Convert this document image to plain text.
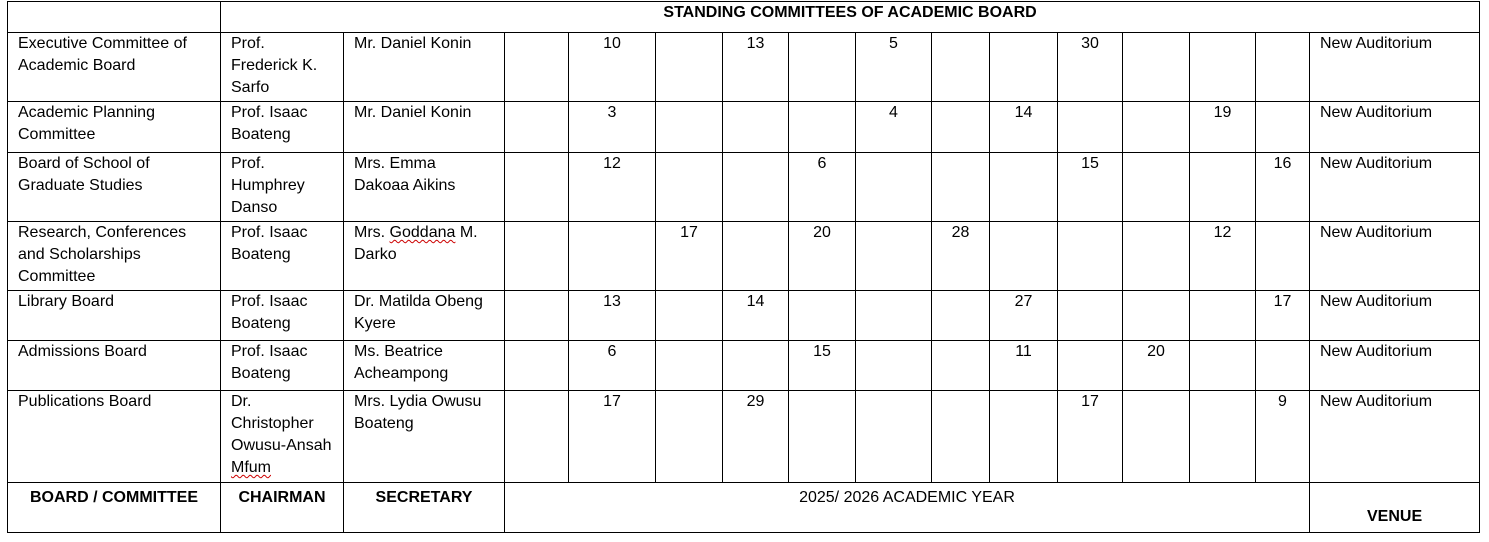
	STANDING COMMITTEES OF ACADEMIC BOARD														
Executive Committee of Academic Board	Prof. Frederick K. Sarfo	Mr. Daniel Konin		10		13		5			30				New Auditorium
Academic Planning Committee	Prof. Isaac Boateng	Mr. Daniel Konin		3				4		14			19		New Auditorium
Board of School of Graduate Studies	Prof. Humphrey Danso	Mrs. Emma Dakoaa Aikins		12			6				15			16	New Auditorium
Research, Conferences and Scholarships Committee	Prof. Isaac Boateng	Mrs. Goddana M. Darko			17		20		28				12		New Auditorium
Library Board	Prof. Isaac Boateng	Dr. Matilda Obeng Kyere		13		14				27				17	New Auditorium
Admissions Board	Prof. Isaac Boateng	Ms. Beatrice Acheampong		6			15			11		20			New Auditorium
Publications Board	Dr. Christopher Owusu-Ansah Mfum	Mrs. Lydia Owusu Boateng		17		29					17			9	New Auditorium
BOARD / COMMITTEE	CHAIRMAN	SECRETARY	2025/ 2026 ACADEMIC YEAR												VENUE
